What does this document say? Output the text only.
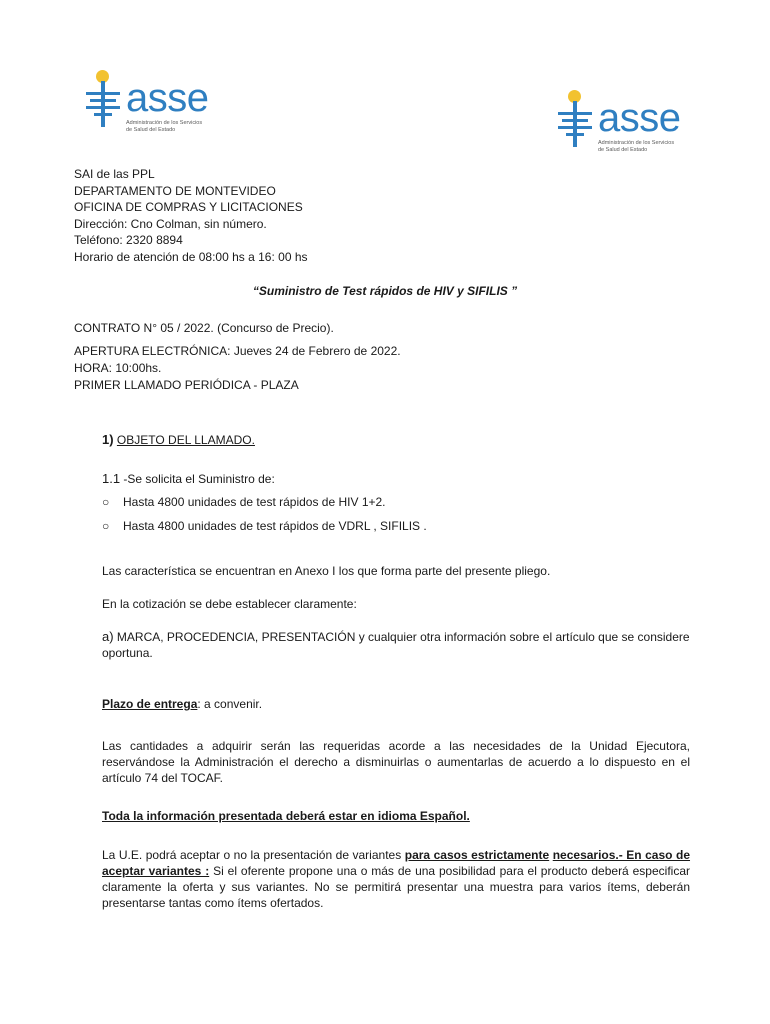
asse
Administración de los Servicios de Salud del Estado	asse
Administración de los Servicios de Salud del Estado
SAI de las PPL
DEPARTAMENTO DE MONTEVIDEO
OFICINA DE COMPRAS Y LICITACIONES
Dirección: Cno Colman, sin número.
Teléfono: 2320 8894
Horario de atención de 08:00 hs a 16: 00 hs
“Suministro de Test rápidos de HIV y SIFILIS ”
CONTRATO N° 05 / 2022. (Concurso de Precio).
APERTURA ELECTRÓNICA: Jueves 24 de Febrero de 2022.
HORA: 10:00hs.
PRIMER LLAMADO PERIÓDICA - PLAZA
1) OBJETO DEL LLAMADO.
1.1 -Se solicita el Suministro de:
○ Hasta 4800 unidades de test rápidos de HIV 1+2.
○ Hasta 4800 unidades de test rápidos de VDRL , SIFILIS .
Las característica se encuentran en Anexo I los que forma parte del presente pliego.
En la cotización se debe establecer claramente:
a) MARCA, PROCEDENCIA, PRESENTACIÓN y cualquier otra información sobre el artículo que se considere oportuna.
Plazo de entrega: a convenir.
Las cantidades a adquirir serán las requeridas acorde a las necesidades de la Unidad Ejecutora, reservándose la Administración el derecho a disminuirlas o aumentarlas de acuerdo a lo dispuesto en el artículo 74 del TOCAF.
Toda la información presentada deberá estar en idioma Español.
La U.E. podrá aceptar o no la presentación de variantes para casos estrictamente necesarios.- En caso de aceptar variantes : Si el oferente propone una o más de una posibilidad para el producto deberá especificar claramente la oferta y sus variantes. No se permitirá presentar una muestra para varios ítems, deberán presentarse tantas como ítems ofertados.
